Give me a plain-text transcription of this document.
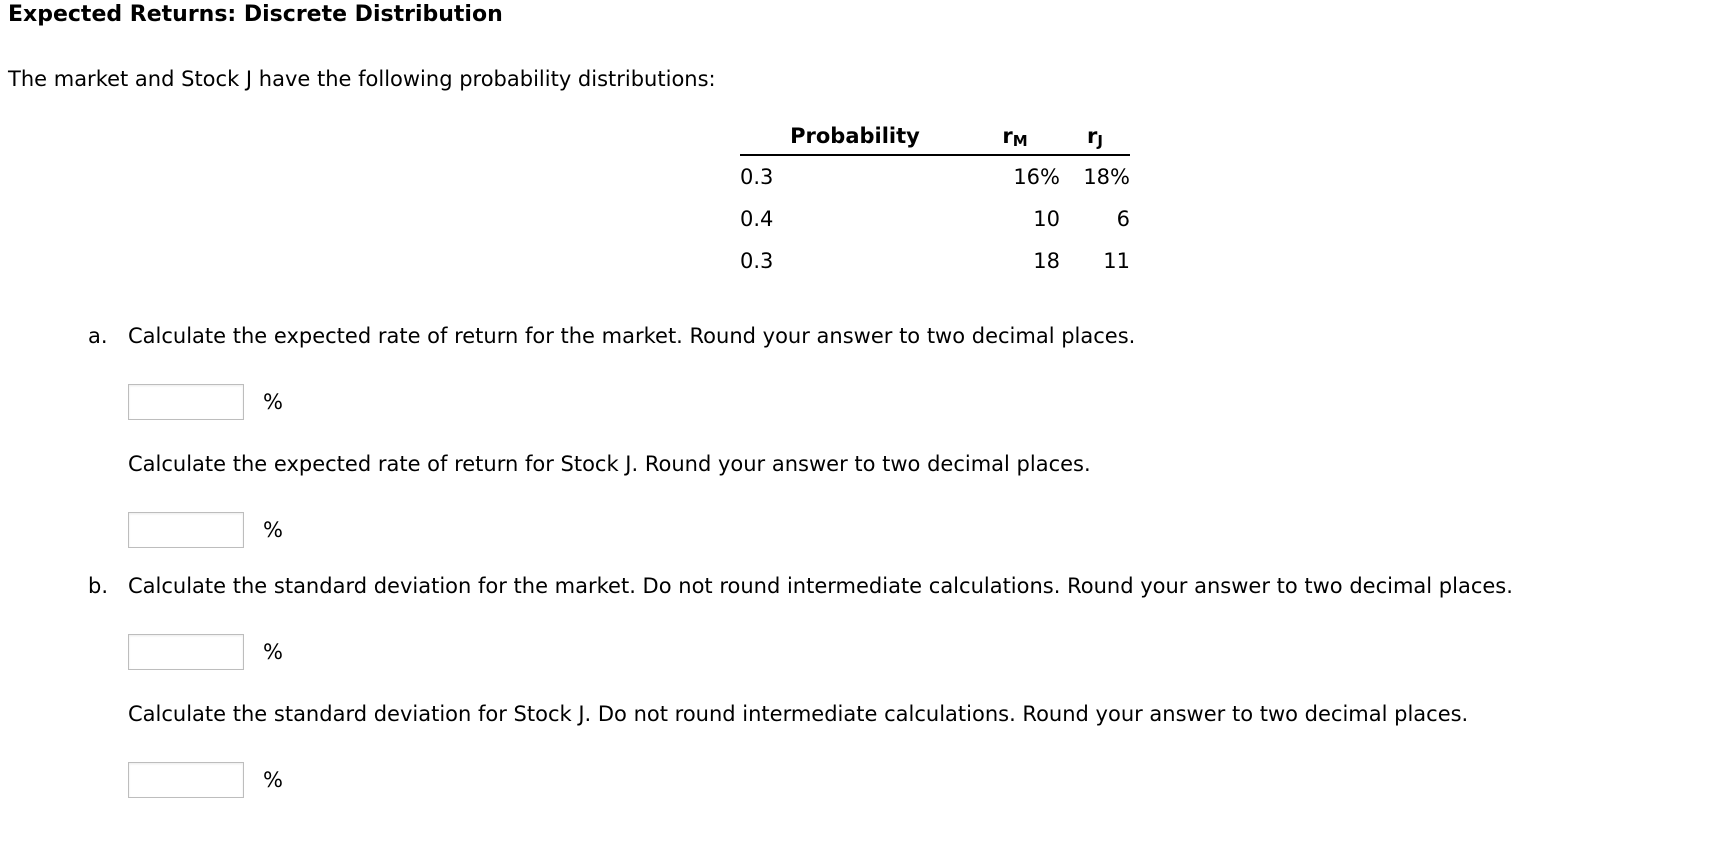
Expected Returns: Discrete Distribution
The market and Stock J have the following probability distributions:
Probability	$r_M$	$r_J$
0.3	16%	18%
0.4	10	6
0.3	18	11
a. Calculate the expected rate of return for the market. Round your answer to two decimal places.
%
Calculate the expected rate of return for Stock J. Round your answer to two decimal places.
%
b. Calculate the standard deviation for the market. Do not round intermediate calculations. Round your answer to two decimal places.
%
Calculate the standard deviation for Stock J. Do not round intermediate calculations. Round your answer to two decimal places.
%
